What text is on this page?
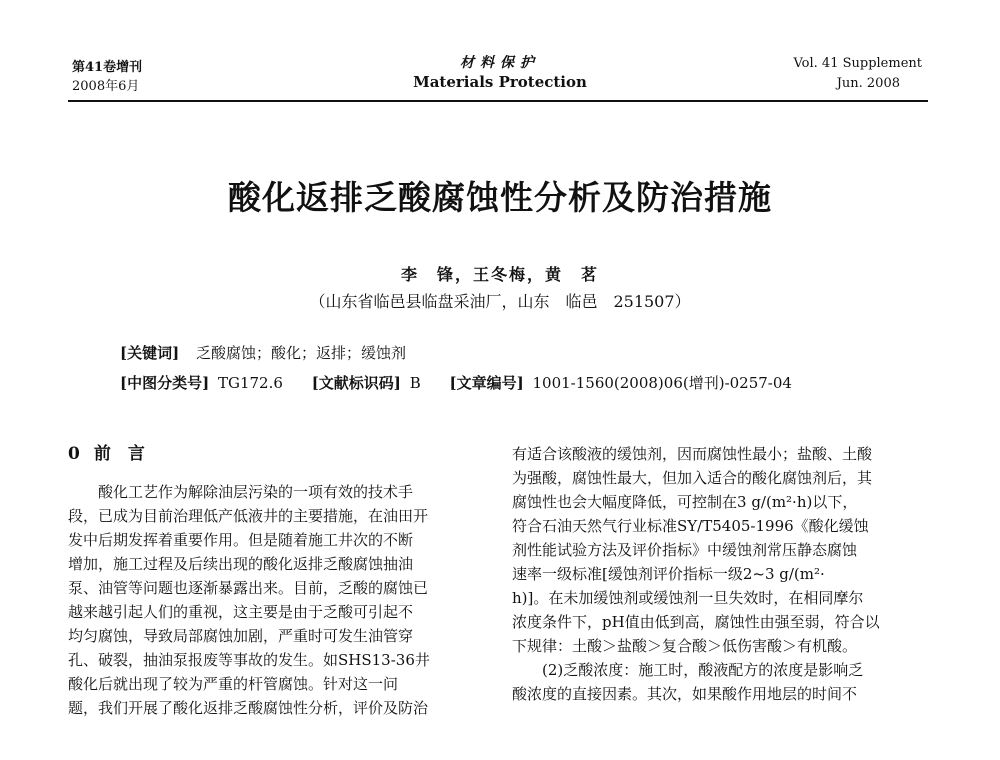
第41卷增刊
2008年6月
材料保护
Materials Protection
Vol. 41 Supplement
Jun. 2008
酸化返排乏酸腐蚀性分析及防治措施
李　锋，王冬梅，黄　茗
（山东省临邑县临盘采油厂，山东　临邑　251507）
[关键词] 乏酸腐蚀；酸化；返排；缓蚀剂
[中图分类号] TG172.6 [文献标识码] B [文章编号] 1001-1560(2008)06(增刊)-0257-04
0 前　言
　　酸化工艺作为解除油层污染的一项有效的技术手
段，已成为目前治理低产低液井的主要措施，在油田开
发中后期发挥着重要作用。但是随着施工井次的不断
增加，施工过程及后续出现的酸化返排乏酸腐蚀抽油
泵、油管等问题也逐渐暴露出来。目前，乏酸的腐蚀已
越来越引起人们的重视，这主要是由于乏酸可引起不
均匀腐蚀，导致局部腐蚀加剧，严重时可发生油管穿
孔、破裂，抽油泵报废等事故的发生。如SHS13-36井
酸化后就出现了较为严重的杆管腐蚀。针对这一问
题，我们开展了酸化返排乏酸腐蚀性分析，评价及防治
有适合该酸液的缓蚀剂，因而腐蚀性最小；盐酸、土酸
为强酸，腐蚀性最大，但加入适合的酸化腐蚀剂后，其
腐蚀性也会大幅度降低，可控制在3 g/(m²·h)以下，
符合石油天然气行业标准SY/T5405-1996《酸化缓蚀
剂性能试验方法及评价指标》中缓蚀剂常压静态腐蚀
速率一级标准[缓蚀剂评价指标一级2~3 g/(m²·
h)]。在未加缓蚀剂或缓蚀剂一旦失效时，在相同摩尔
浓度条件下，pH值由低到高，腐蚀性由强至弱，符合以
下规律：土酸＞盐酸＞复合酸＞低伤害酸＞有机酸。
　　(2)乏酸浓度：施工时，酸液配方的浓度是影响乏
酸浓度的直接因素。其次，如果酸作用地层的时间不
